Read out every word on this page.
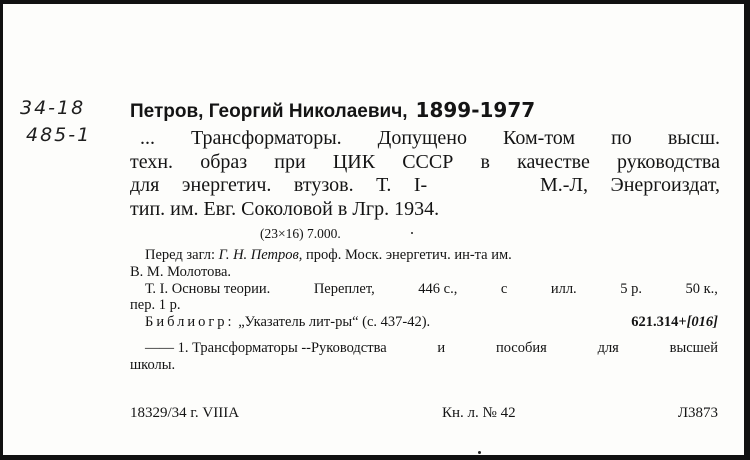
34-18
485-1
Петров, Георгий Николаевич, 1899-1977
... Трансформаторы. Допущено Ком-том по высш.
техн. образ при ЦИК СССР в качестве руководства
для энергетич. втузов. Т. I-     М.-Л, Энергоиздат,
тип. им. Евг. Соколовой в Лгр. 1934.
(23×16) 7.000.

Перед загл: Г. Н. Петров, проф. Моск. энергетич. ин-та им.

В. М. Молотова.

Т. I. Основы теории.	Переплет,	446 с.,	с	илл.	5 р.	50 к.,

пер. 1 р.

Библиогр: „Указатель лит-ры“ (с. 437-42).	621.314+[016]
—— 1. Трансформаторы --Руководства	и	пособия	для	высшей

школы.

18329/34 г. VIIIA	Кн. л. № 42	Л3873
